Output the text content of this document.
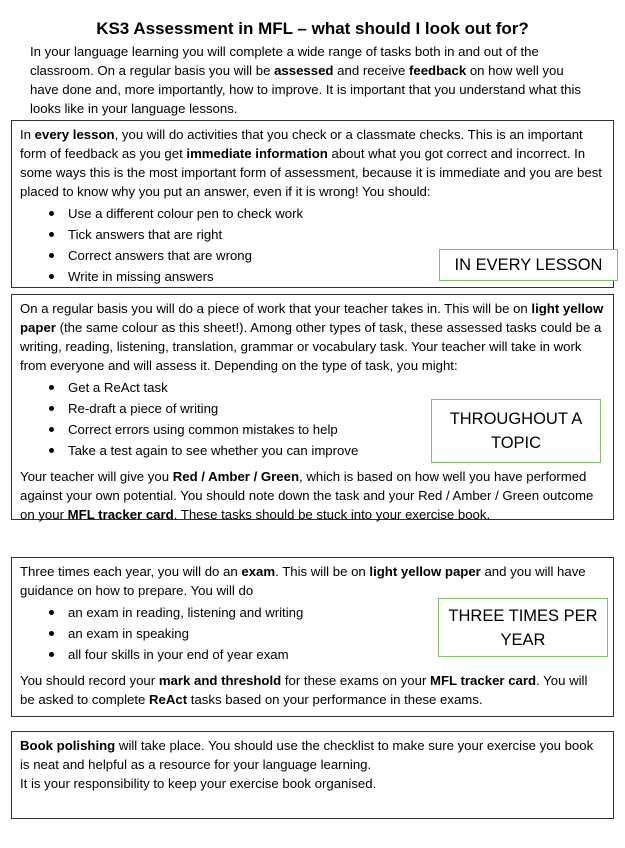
KS3 Assessment in MFL – what should I look out for?
In your language learning you will complete a wide range of tasks both in and out of the classroom. On a regular basis you will be assessed and receive feedback on how well you have done and, more importantly, how to improve. It is important that you understand what this looks like in your language lessons.

In every lesson, you will do activities that you check or a classmate checks. This is an important form of feedback as you get immediate information about what you got correct and incorrect. In some ways this is the most important form of assessment, because it is immediate and you are best placed to know why you put an answer, even if it is wrong! You should:

Use a different colour pen to check work
Tick answers that are right
Correct answers that are wrong
Write in missing answers
IN EVERY LESSON

On a regular basis you will do a piece of work that your teacher takes in. This will be on light yellow paper (the same colour as this sheet!). Among other types of task, these assessed tasks could be a writing, reading, listening, translation, grammar or vocabulary task. Your teacher will take in work from everyone and will assess it. Depending on the type of task, you might:

Get a ReAct task
Re-draft a piece of writing
Correct errors using common mistakes to help
Take a test again to see whether you can improve

Your teacher will give you Red / Amber / Green, which is based on how well you have performed against your own potential. You should note down the task and your Red / Amber / Green outcome on your MFL tracker card. These tasks should be stuck into your exercise book.

THROUGHOUT A TOPIC

Three times each year, you will do an exam. This will be on light yellow paper and you will have guidance on how to prepare. You will do

an exam in reading, listening and writing
an exam in speaking
all four skills in your end of year exam

You should record your mark and threshold for these exams on your MFL tracker card. You will be asked to complete ReAct tasks based on your performance in these exams.

THREE TIMES PER YEAR

Book polishing will take place. You should use the checklist to make sure your exercise you book is neat and helpful as a resource for your language learning.

It is your responsibility to keep your exercise book organised.
